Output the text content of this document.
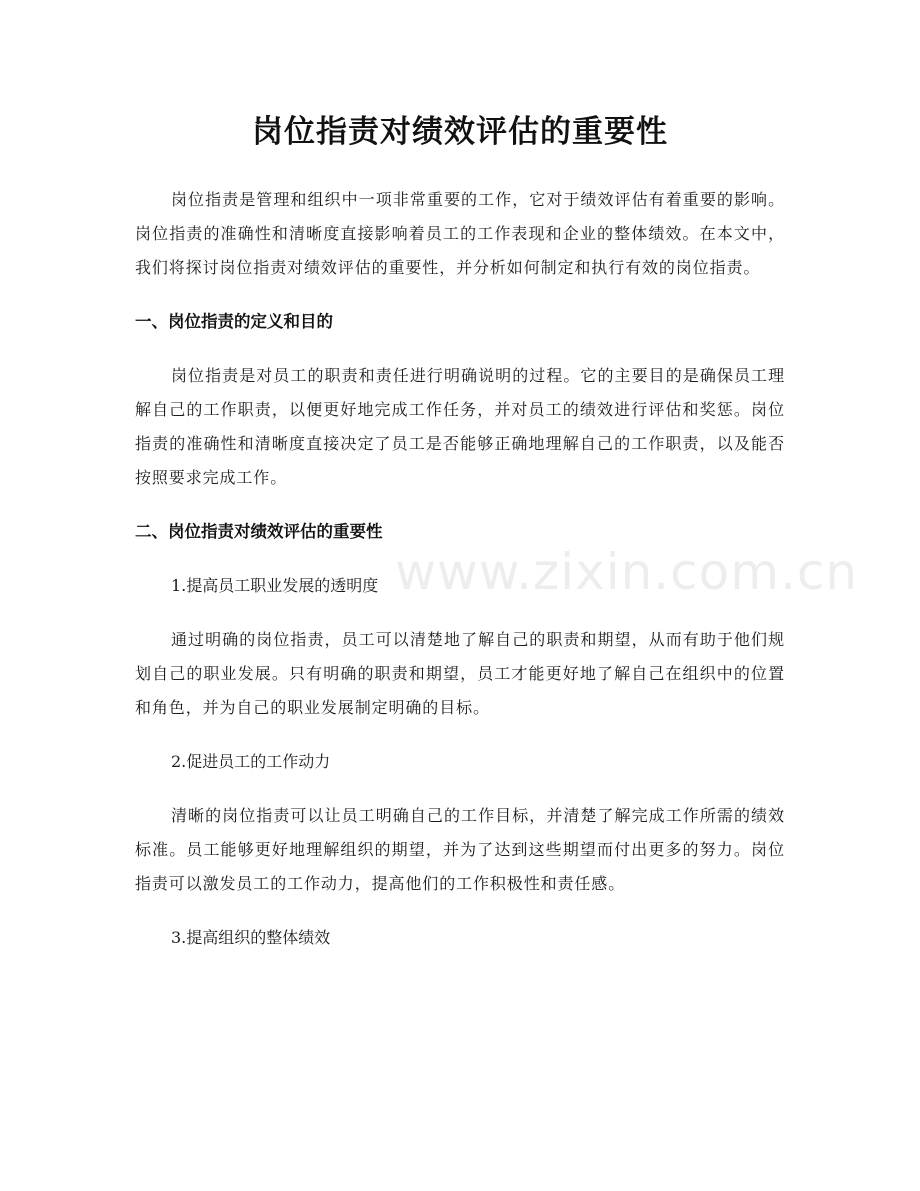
岗位指责对绩效评估的重要性

岗位指责是管理和组织中一项非常重要的工作，它对于绩效评估有着重要的影响。岗位指责的准确性和清晰度直接影响着员工的工作表现和企业的整体绩效。在本文中，我们将探讨岗位指责对绩效评估的重要性，并分析如何制定和执行有效的岗位指责。

一、岗位指责的定义和目的

岗位指责是对员工的职责和责任进行明确说明的过程。它的主要目的是确保员工理解自己的工作职责，以便更好地完成工作任务，并对员工的绩效进行评估和奖惩。岗位指责的准确性和清晰度直接决定了员工是否能够正确地理解自己的工作职责，以及能否按照要求完成工作。

二、岗位指责对绩效评估的重要性
1.提高员工职业发展的透明度

通过明确的岗位指责，员工可以清楚地了解自己的职责和期望，从而有助于他们规划自己的职业发展。只有明确的职责和期望，员工才能更好地了解自己在组织中的位置和角色，并为自己的职业发展制定明确的目标。

2.促进员工的工作动力

清晰的岗位指责可以让员工明确自己的工作目标，并清楚了解完成工作所需的绩效标准。员工能够更好地理解组织的期望，并为了达到这些期望而付出更多的努力。岗位指责可以激发员工的工作动力，提高他们的工作积极性和责任感。

3.提高组织的整体绩效
www.zixin.com.cn
